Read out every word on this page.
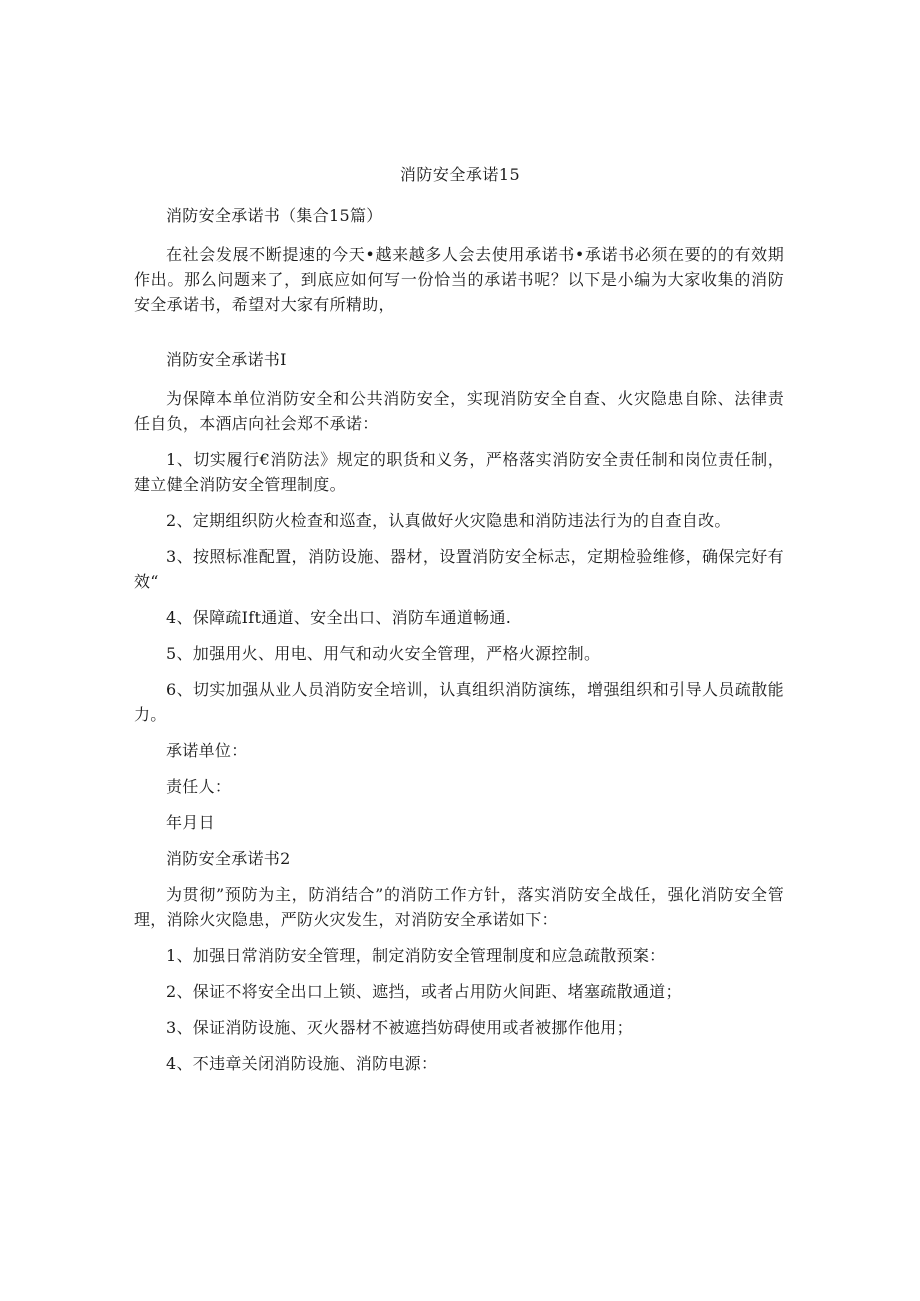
消防安全承诺15

消防安全承诺书（集合15篇）

在社会发展不断提速的今天•越来越多人会去使用承诺书•承诺书必须在要的的有效期作出。那么问题来了，到底应如何写一份恰当的承诺书呢？以下是小编为大家收集的消防安全承诺书，希望对大家有所精助，

消防安全承诺书I

为保障本单位消防安全和公共消防安全，实现消防安全自查、火灾隐患自除、法律责任自负，本酒店向社会郑不承诺：

1、切实履行€消防法》规定的职货和义务，严格落实消防安全责任制和岗位责任制，建立健全消防安全管理制度。

2、定期组织防火检查和巡查，认真做好火灾隐患和消防违法行为的自查自改。

3、按照标准配置，消防设施、器材，设置消防安全标志，定期检验维修，确保完好有效“

4、保障疏Ift通道、安全出口、消防车通道畅通.

5、加强用火、用电、用气和动火安全管理，严格火源控制。

6、切实加强从业人员消防安全培训，认真组织消防演练，增强组织和引导人员疏散能力。

承诺单位：

责任人：

年月日

消防安全承诺书2

为贯彻”预防为主，防消结合”的消防工作方针，落实消防安全战任，强化消防安全管理，消除火灾隐患，严防火灾发生，对消防安全承诺如下：

1、加强日常消防安全管理，制定消防安全管理制度和应急疏散预案：

2、保证不将安全出口上锁、遮挡，或者占用防火间距、堵塞疏散通道；

3、保证消防设施、灭火器材不被遮挡妨碍使用或者被挪作他用；

4、不违章关闭消防设施、消防电源：
